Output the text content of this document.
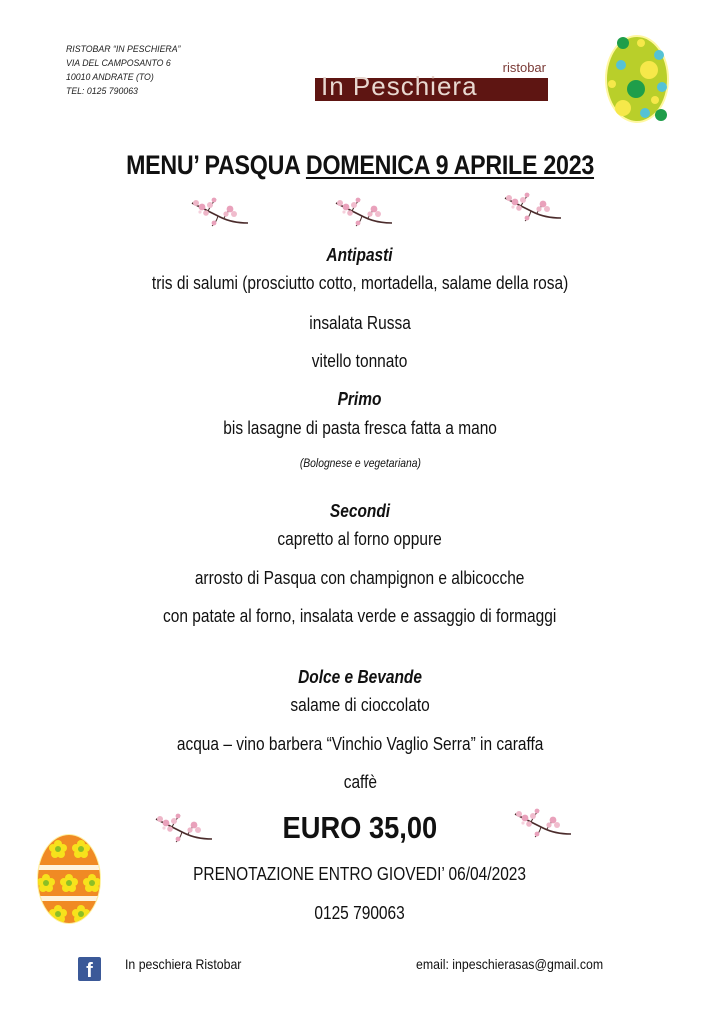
RISTOBAR “IN PESCHIERA”
VIA DEL CAMPOSANTO 6
10010 ANDRATE (TO)
TEL: 0125 790063
ristobar
In Peschiera
MENU’ PASQUA DOMENICA 9 APRILE 2023
Antipasti
tris di salumi (prosciutto cotto, mortadella, salame della rosa)
insalata Russa
vitello tonnato
Primo
bis lasagne di pasta fresca fatta a mano
(Bolognese e vegetariana)
Secondi
capretto al forno oppure
arrosto di Pasqua con champignon e albicocche
con patate al forno, insalata verde e assaggio di formaggi
Dolce e Bevande
salame di cioccolato
acqua – vino barbera “Vinchio Vaglio Serra” in caraffa
caffè
EURO 35,00
PRENOTAZIONE ENTRO GIOVEDI’ 06/04/2023
0125 790063
f	In peschiera Ristobar	email: inpeschierasas@gmail.com
